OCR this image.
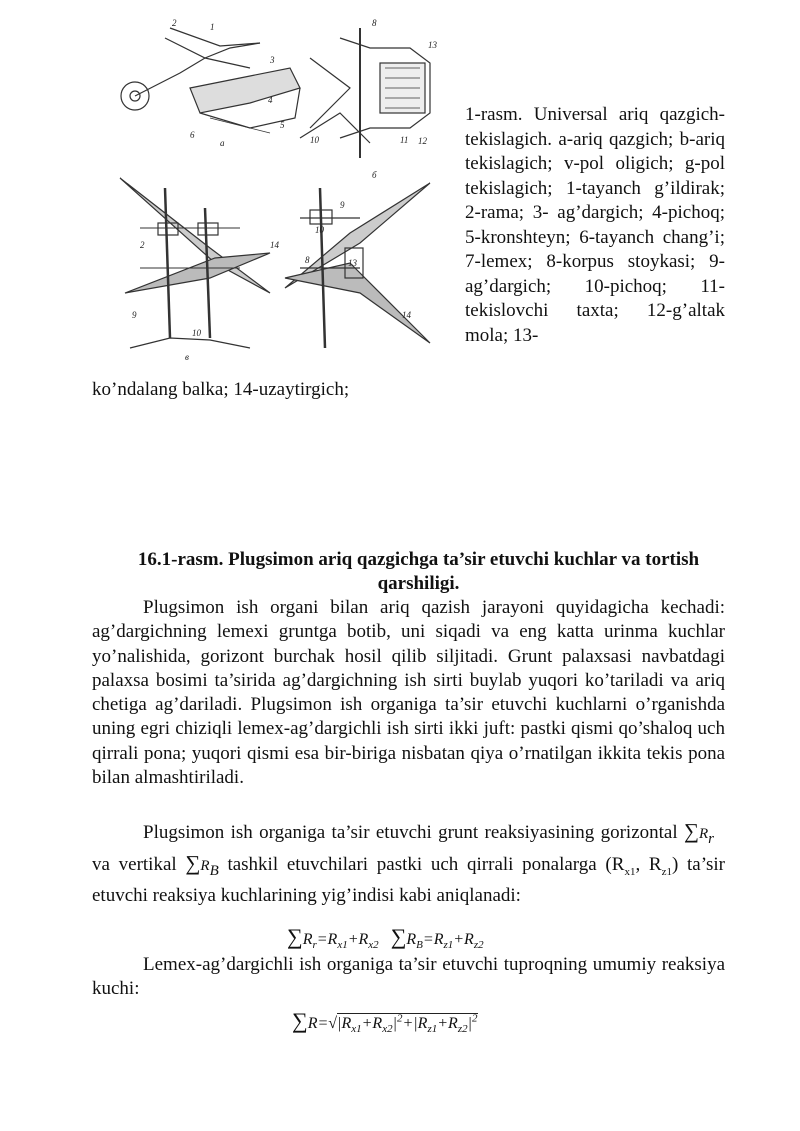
1
2
3
4
5
6
a
8
13
12
11
10
б
2	14
9
10
в
10
13
14
9
8
1-rasm. Universal ariq qazgich-tekislagich. a-ariq qazgich; b-ariq tekislagich; v-pol oligich; g-pol tekislagich; 1-tayanch g’ildirak; 2-rama; 3- ag’dargich; 4-pichoq; 5-kronshteyn; 6-tayanch chang’i; 7-lemex; 8-korpus stoykasi; 9-ag’dargich; 10-pichoq; 11-tekislovchi taxta; 12-g’altak mola; 13-
ko’ndalang balka; 14-uzaytirgich;
16.1-rasm. Plugsimon ariq qazgichga ta’sir etuvchi kuchlar va tortish qarshiligi.

Plugsimon ish organi bilan ariq qazish jarayoni quyidagicha kechadi: ag’dargichning lemexi gruntga botib, uni siqadi va eng katta urinma kuchlar yo’nalishida, gorizont burchak hosil qilib siljitadi. Grunt palaxsasi navbatdagi palaxsa bosimi ta’sirida ag’dargichning ish sirti buylab yuqori ko’tariladi va ariq chetiga ag’dariladi. Plugsimon ish organiga ta’sir etuvchi kuchlarni o’rganishda uning egri chiziqli lemex-ag’dargichli ish sirti ikki juft: pastki qismi qo’shaloq uch qirrali pona; yuqori qismi esa bir-biriga nisbatan qiya o’rnatilgan ikkita tekis pona bilan almashtiriladi.

Plugsimon ish organiga ta’sir etuvchi grunt reaksiyasining gorizontal $\sum R_r$   va vertikal $\sum R_B$ tashkil etuvchilari pastki uch qirrali ponalarga ($R_{x1}$, $R_{z1}$) ta’sir etuvchi reaksiya kuchlarining yig’indisi kabi aniqlanadi:

$\sum R_r=R_{x1}+R_{x2}$ $\sum R_B=R_{z1}+R_{z2}$

Lemex-ag’dargichli ish organiga ta’sir etuvchi tuproqning umumiy reaksiya kuchi:

$\sum R=√|R_{x1}+R_{x2}|^2+|R_{z1}+R_{z2}|^2$
